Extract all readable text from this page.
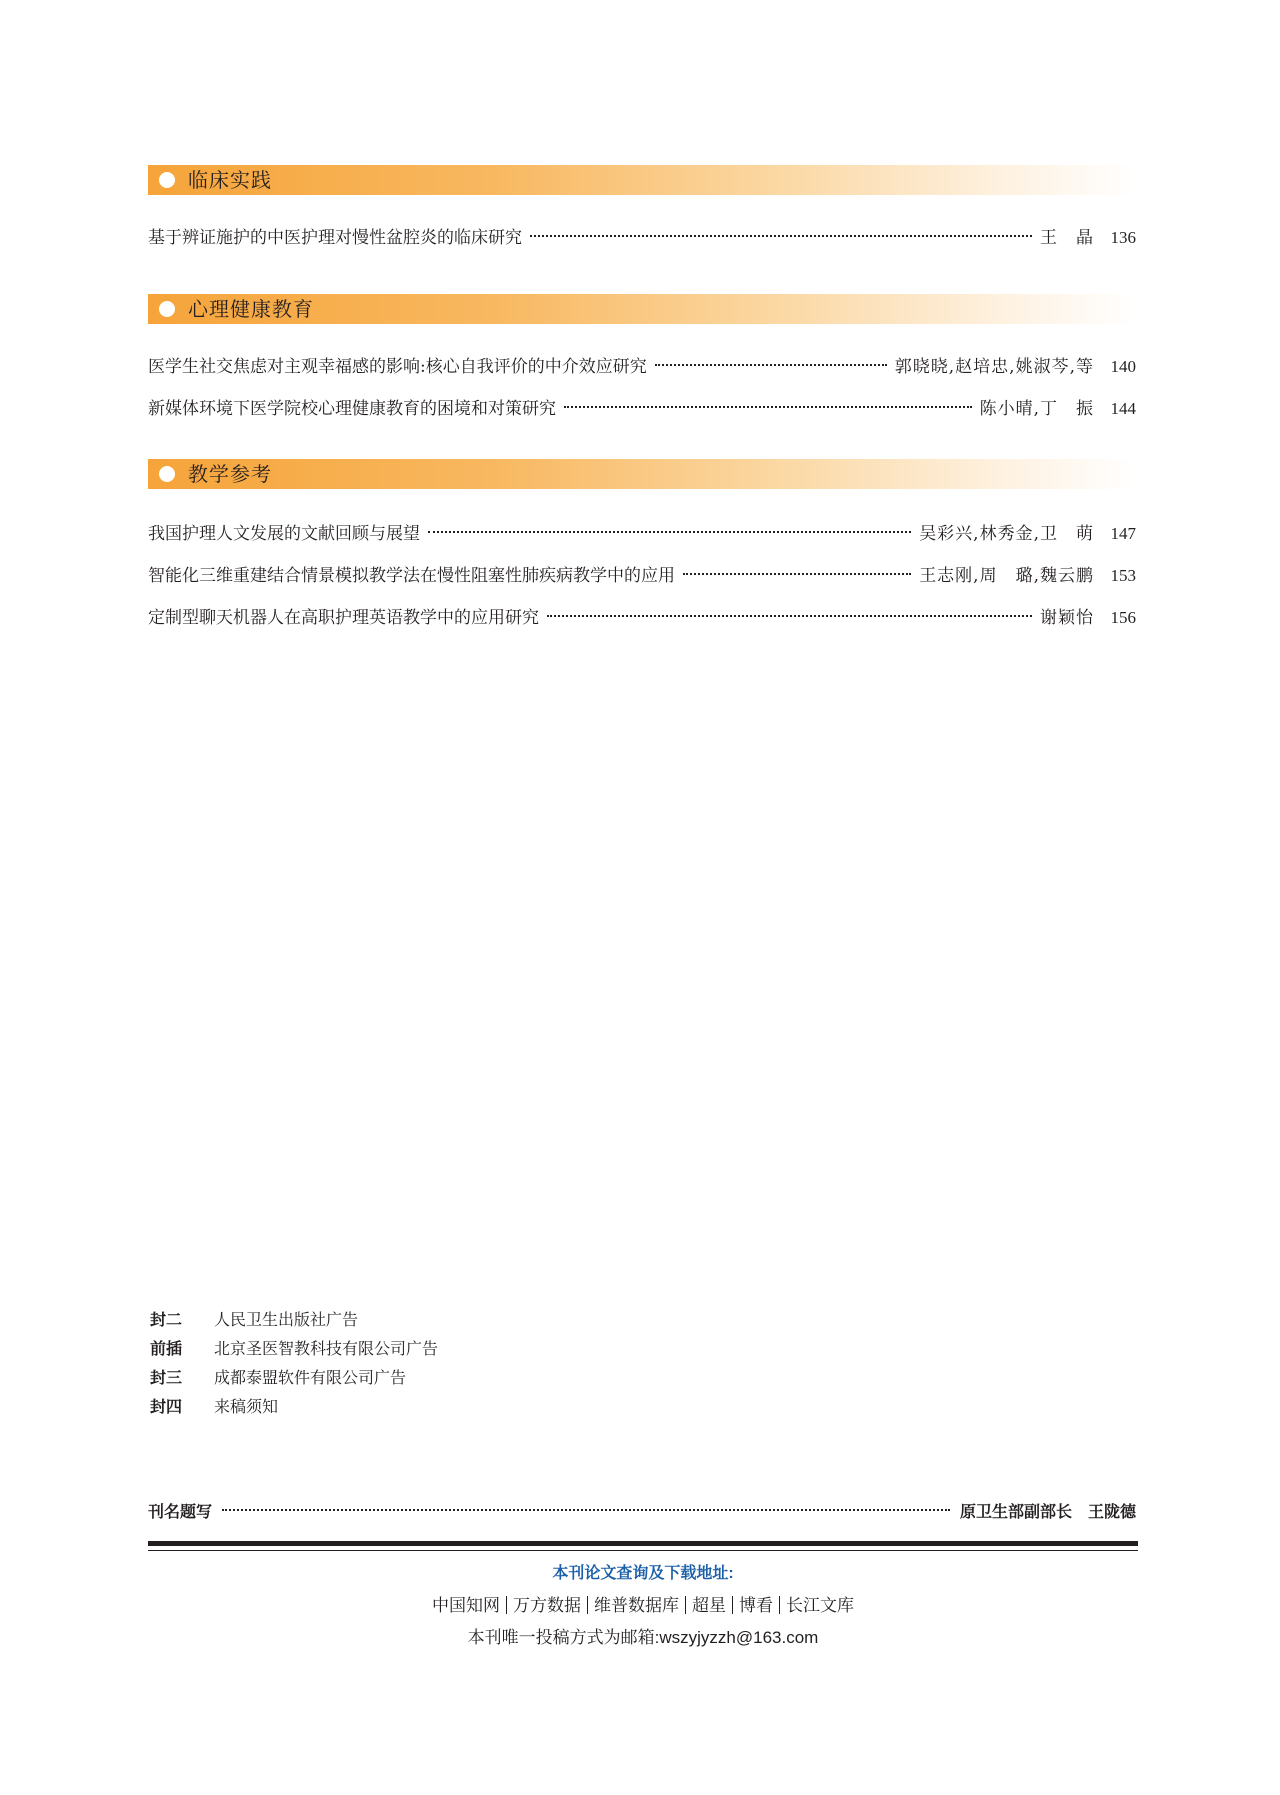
临床实践
基于辨证施护的中医护理对慢性盆腔炎的临床研究	王　晶 136
心理健康教育
医学生社交焦虑对主观幸福感的影响:核心自我评价的中介效应研究	郭晓晓,赵培忠,姚淑芩,等 140
新媒体环境下医学院校心理健康教育的困境和对策研究	陈小晴,丁　振 144
教学参考
我国护理人文发展的文献回顾与展望	吴彩兴,林秀金,卫　萌 147
智能化三维重建结合情景模拟教学法在慢性阻塞性肺疾病教学中的应用	王志刚,周　璐,魏云鹏 153
定制型聊天机器人在高职护理英语教学中的应用研究	谢颖怡 156
封二 人民卫生出版社广告
前插 北京圣医智教科技有限公司广告
封三 成都泰盟软件有限公司广告
封四 来稿须知
刊名题写	原卫生部副部长　王陇德
本刊论文查询及下载地址:
中国知网 万方数据 维普数据库 超星 博看 长江文库
本刊唯一投稿方式为邮箱:wszyjyzzh@163.com
